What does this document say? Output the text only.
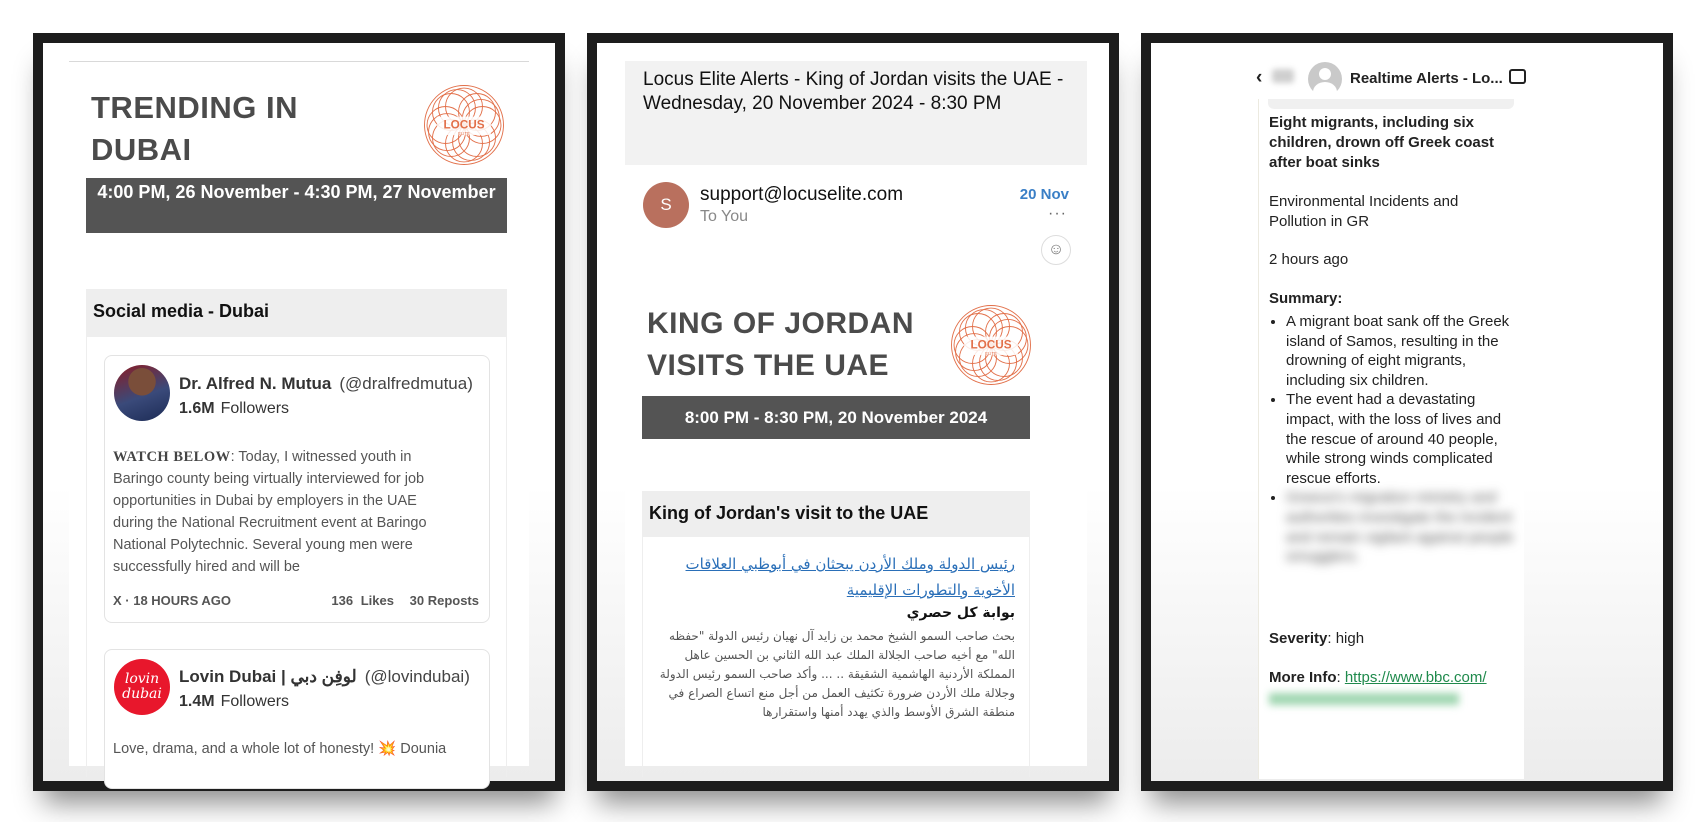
TRENDING IN DUBAI
LOCUS
ELITE
4:00 PM, 26 November - 4:30 PM, 27 November
Social media - Dubai
Dr. Alfred N. Mutua (@dralfredmutua)
1.6M Followers
WATCH BELOW: Today, I witnessed youth in Baringo county being virtually interviewed for job opportunities in Dubai by employers in the UAE during the National Recruitment event at Baringo National Polytechnic. Several young men were successfully hired and will be
X · 18 HOURS AGO	136 Likes 30 Reposts
lovin dubai
Lovin Dubai | لوفِن دبي (@lovindubai)
1.4M Followers
Love, drama, and a whole lot of honesty! 💥 Dounia
Locus Elite Alerts - King of Jordan visits the UAE - Wednesday, 20 November 2024 - 8:30 PM
S	support@locuselite.com
To You
20 Nov
···
☺
KING OF JORDAN VISITS THE UAE
LOCUS
ELITE
8:00 PM - 8:30 PM, 20 November 2024
King of Jordan's visit to the UAE
رئيس الدولة وملك الأردن يبحثان في أبوظبي العلاقات الأخوية والتطورات الإقليمية
بوابة كل حصري
بحث صاحب السمو الشيخ محمد بن زايد آل نهيان رئيس الدولة "حفظه الله" مع أخيه صاحب الجلالة الملك عبد الله الثاني بن الحسين عاهل المملكة الأردنية الهاشمية الشقيقة .. ... وأكد صاحب السمو رئيس الدولة وجلالة ملك الأردن ضرورة تكثيف العمل من أجل منع اتساع الصراع في منطقة الشرق الأوسط والذي يهدد أمنها واستقرارها
‹	Realtime Alerts - Lo...
Eight migrants, including six children, drown off Greek coast after boat sinks
Environmental Incidents and Pollution in GR
2 hours ago
Summary:
• A migrant boat sank off the Greek island of Samos, resulting in the drowning of eight migrants, including six children.
• The event had a devastating impact, with the loss of lives and the rescue of around 40 people, while strong winds complicated rescue efforts.
• Greece's migration ministry and authorities investigate the incident and remain vigilant against people smugglers.
Severity: high
More Info: https://www.bbc.com/
